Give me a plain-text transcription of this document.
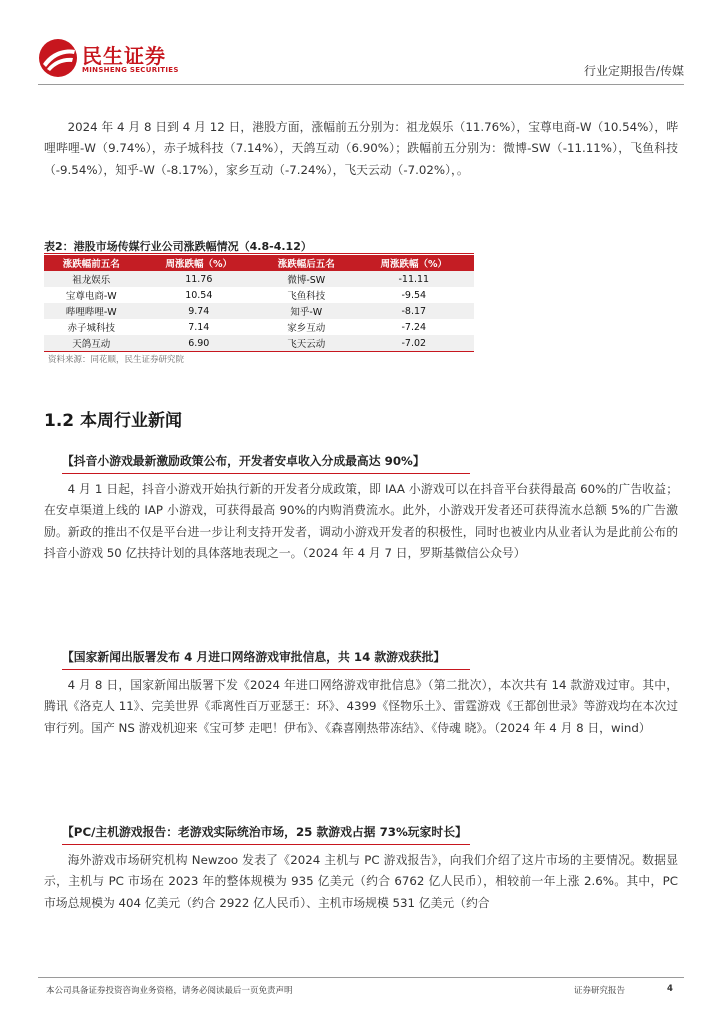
民生证券
MINSHENG SECURITIES	行业定期报告/传媒

2024 年 4 月 8 日到 4 月 12 日，港股方面，涨幅前五分别为：祖龙娱乐（11.76%），宝尊电商-W（10.54%），哔哩哔哩-W（9.74%），赤子城科技（7.14%），天鸽互动（6.90%）；跌幅前五分别为：微博-SW（-11.11%），飞鱼科技（-9.54%），知乎-W（-8.17%），家乡互动（-7.24%），飞天云动（-7.02%），。

表2：港股市场传媒行业公司涨跌幅情况（4.8-4.12）
涨跌幅前五名	周涨跌幅（%）	涨跌幅后五名	周涨跌幅（%）
祖龙娱乐	11.76	微博-SW	-11.11
宝尊电商-W	10.54	飞鱼科技	-9.54
哔哩哔哩-W	9.74	知乎-W	-8.17
赤子城科技	7.14	家乡互动	-7.24
天鸽互动	6.90	飞天云动	-7.02
资料来源：同花顺，民生证券研究院
1.2 本周行业新闻
【抖音小游戏最新激励政策公布，开发者安卓收入分成最高达 90%】

4 月 1 日起，抖音小游戏开始执行新的开发者分成政策，即 IAA 小游戏可以在抖音平台获得最高 60%的广告收益；在安卓渠道上线的 IAP 小游戏，可获得最高 90%的内购消费流水。此外，小游戏开发者还可获得流水总额 5%的广告激励。新政的推出不仅是平台进一步让利支持开发者，调动小游戏开发者的积极性，同时也被业内从业者认为是此前公布的抖音小游戏 50 亿扶持计划的具体落地表现之一。（2024 年 4 月 7 日，罗斯基微信公众号）

【国家新闻出版署发布 4 月进口网络游戏审批信息，共 14 款游戏获批】

4 月 8 日，国家新闻出版署下发《2024 年进口网络游戏审批信息》（第二批次），本次共有 14 款游戏过审。其中，腾讯《洛克人 11》、完美世界《乖离性百万亚瑟王：环》、4399《怪物乐土》、雷霆游戏《王都创世录》等游戏均在本次过审行列。国产 NS 游戏机迎来《宝可梦 走吧！伊布》、《森喜刚热带冻结》、《侍魂 晓》。（2024 年 4 月 8 日，wind）

【PC/主机游戏报告：老游戏实际统治市场，25 款游戏占据 73%玩家时长】

海外游戏市场研究机构 Newzoo 发表了《2024 主机与 PC 游戏报告》，向我们介绍了这片市场的主要情况。数据显示，主机与 PC 市场在 2023 年的整体规模为 935 亿美元（约合 6762 亿人民币），相较前一年上涨 2.6%。其中，PC 市场总规模为 404 亿美元（约合 2922 亿人民币）、主机市场规模 531 亿美元（约合

本公司具备证券投资咨询业务资格，请务必阅读最后一页免责声明	证券研究报告	4
